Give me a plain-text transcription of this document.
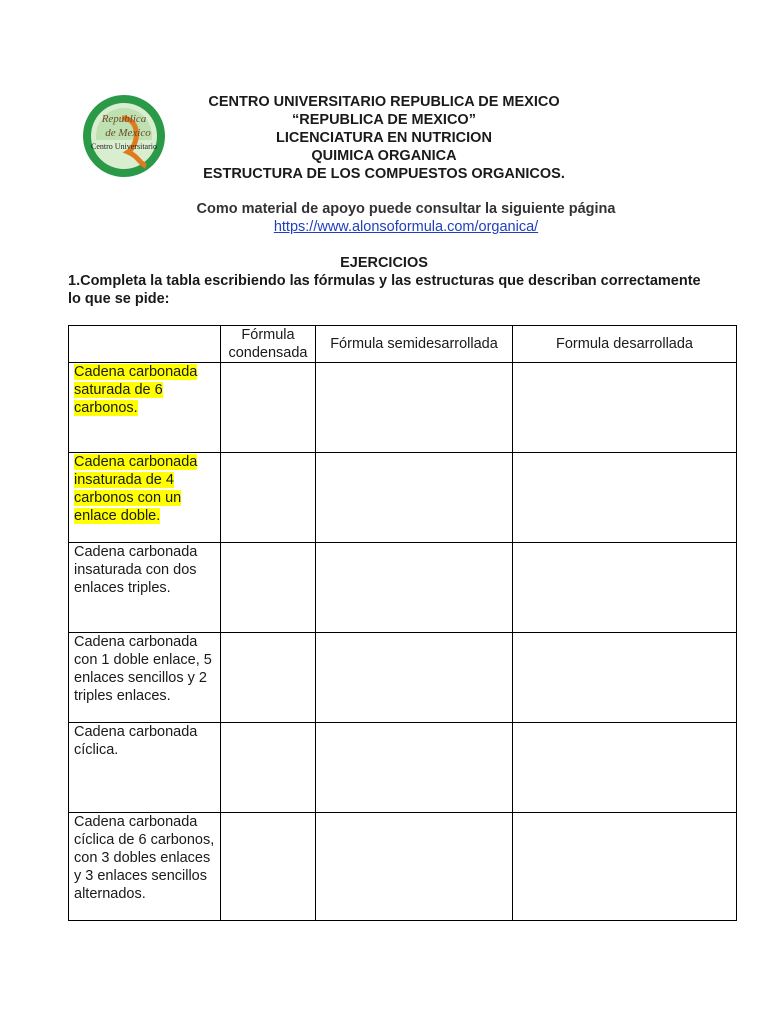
Republica
de Mexico
Centro Universitario
CENTRO UNIVERSITARIO REPUBLICA DE MEXICO
“REPUBLICA DE MEXICO”
LICENCIATURA EN NUTRICION
QUIMICA ORGANICA
ESTRUCTURA DE LOS COMPUESTOS ORGANICOS.
Como material de apoyo puede consultar la siguiente página
https://www.alonsoformula.com/organica/
EJERCICIOS
1.Completa la tabla escribiendo las fórmulas y las estructuras que describan correctamente lo que se pide:
	Fórmula condensada	Fórmula semidesarrollada	Formula desarrollada
Cadena carbonada saturada de 6 carbonos.			
Cadena carbonada insaturada de 4 carbonos con un enlace doble.			
Cadena carbonada insaturada con dos enlaces triples.			
Cadena carbonada con 1 doble enlace, 5 enlaces sencillos y 2 triples enlaces.			
Cadena carbonada cíclica.			
Cadena carbonada cíclica de 6 carbonos, con 3 dobles enlaces y 3 enlaces sencillos alternados.			
